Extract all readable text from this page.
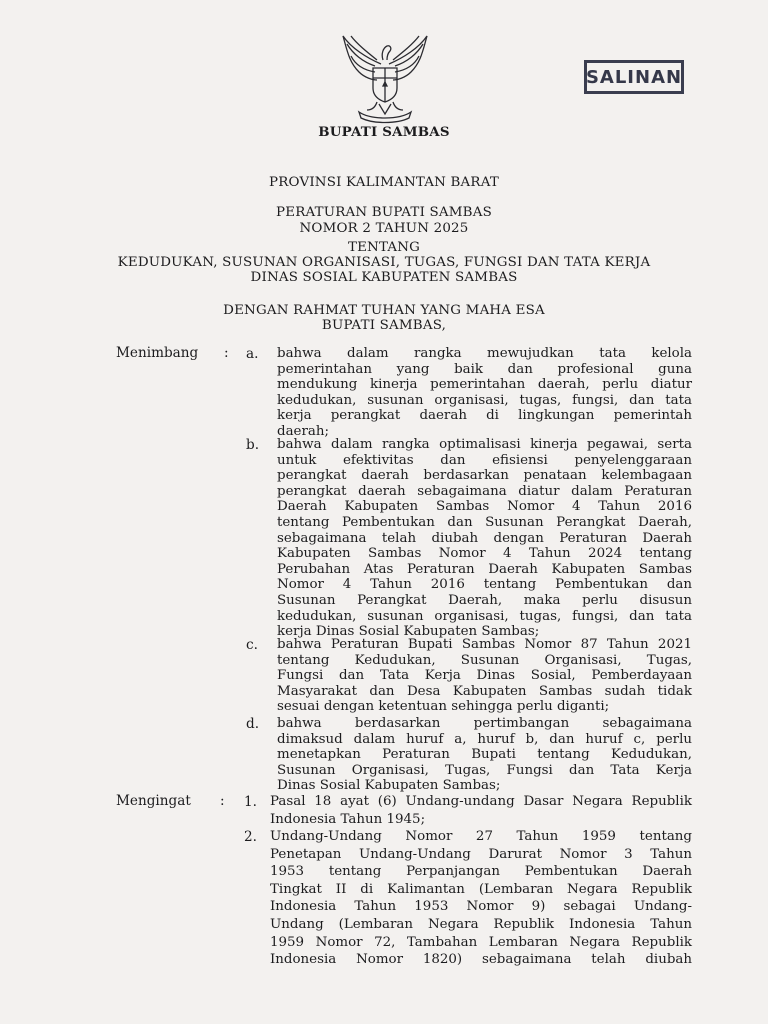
SALINAN
BUPATI SAMBAS
PROVINSI KALIMANTAN BARAT
PERATURAN BUPATI SAMBAS
NOMOR 2 TAHUN 2025
TENTANG
KEDUDUKAN, SUSUNAN ORGANISASI, TUGAS, FUNGSI DAN TATA KERJA
DINAS SOSIAL KABUPATEN SAMBAS
DENGAN RAHMAT TUHAN YANG MAHA ESA
BUPATI SAMBAS,
Menimbang : a. bahwa dalam rangka mewujudkan tata kelola
pemerintahan yang baik dan profesional guna
mendukung kinerja pemerintahan daerah, perlu diatur
kedudukan, susunan organisasi, tugas, fungsi, dan tata
kerja perangkat daerah di lingkungan pemerintah
daerah;
b. bahwa dalam rangka optimalisasi kinerja pegawai, serta
untuk efektivitas dan efisiensi penyelenggaraan
perangkat daerah berdasarkan penataan kelembagaan
perangkat daerah sebagaimana diatur dalam Peraturan
Daerah Kabupaten Sambas Nomor 4 Tahun 2016
tentang Pembentukan dan Susunan Perangkat Daerah,
sebagaimana telah diubah dengan Peraturan Daerah
Kabupaten Sambas Nomor 4 Tahun 2024 tentang
Perubahan Atas Peraturan Daerah Kabupaten Sambas
Nomor 4 Tahun 2016 tentang Pembentukan dan
Susunan Perangkat Daerah, maka perlu disusun
kedudukan, susunan organisasi, tugas, fungsi, dan tata
kerja Dinas Sosial Kabupaten Sambas;
c. bahwa Peraturan Bupati Sambas Nomor 87 Tahun 2021
tentang Kedudukan, Susunan Organisasi, Tugas,
Fungsi dan Tata Kerja Dinas Sosial, Pemberdayaan
Masyarakat dan Desa Kabupaten Sambas sudah tidak
sesuai dengan ketentuan sehingga perlu diganti;
d. bahwa berdasarkan pertimbangan sebagaimana
dimaksud dalam huruf a, huruf b, dan huruf c, perlu
menetapkan Peraturan Bupati tentang Kedudukan,
Susunan Organisasi, Tugas, Fungsi dan Tata Kerja
Dinas Sosial Kabupaten Sambas;
Mengingat : 1. Pasal 18 ayat (6) Undang-undang Dasar Negara Republik
Indonesia Tahun 1945;
2. Undang-Undang Nomor 27 Tahun 1959 tentang
Penetapan Undang-Undang Darurat Nomor 3 Tahun
1953 tentang Perpanjangan Pembentukan Daerah
Tingkat II di Kalimantan (Lembaran Negara Republik
Indonesia Tahun 1953 Nomor 9) sebagai Undang-
Undang (Lembaran Negara Republik Indonesia Tahun
1959 Nomor 72, Tambahan Lembaran Negara Republik
Indonesia Nomor 1820) sebagaimana telah diubah
